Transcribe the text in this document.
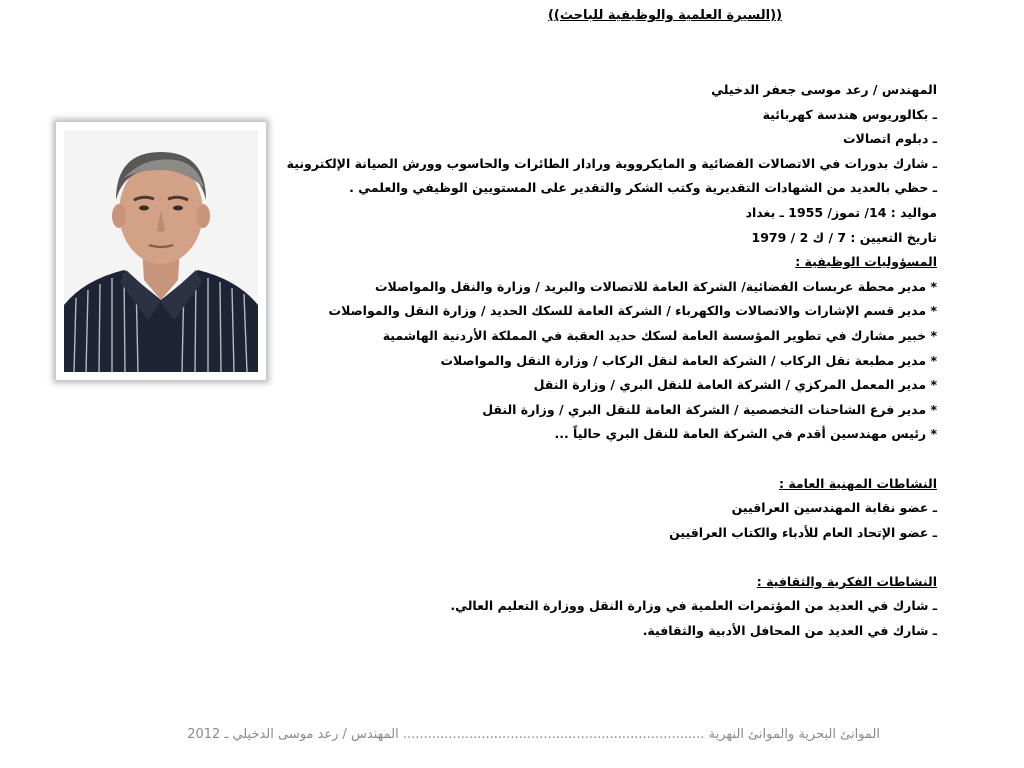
((السيرة العلمية والوظيفية للباحث))
المهندس / رعد موسى جعفر الدخيلي
ـ بكالوريوس هندسة كهربائية
ـ دبلوم اتصالات
ـ شارك بدورات في الاتصالات الفضائية و المايكرووية ورادار الطائرات والحاسوب وورش الصيانة الإلكترونية
ـ حظي بالعديد من الشهادات التقديرية وكتب الشكر والتقدير على المستويين الوظيفي والعلمي .
مواليد : 14/ تموز/ 1955 ـ بغداد
تاريخ التعيين : 7 / ك 2 / 1979
المسؤوليات الوظيفية :
* مدير محطة عربسات الفضائية/ الشركة العامة للاتصالات والبريد / وزارة والنقل والمواصلات
* مدير قسم الإشارات والاتصالات والكهرباء / الشركة العامة للسكك الحديد / وزارة النقل والمواصلات
* خبير مشارك في تطوير المؤسسة العامة لسكك حديد العقبة في المملكة الأردنية الهاشمية
* مدير مطبعة نقل الركاب / الشركة العامة لنقل الركاب / وزارة النقل والمواصلات
* مدير المعمل المركزي / الشركة العامة للنقل البري / وزارة النقل
* مدير فرع الشاحنات التخصصية / الشركة العامة للنقل البري / وزارة النقل
* رئيس مهندسين أقدم في الشركة العامة للنقل البري حالياً ...
النشاطات المهنية العامة :
ـ عضو نقابة المهندسين العراقيين
ـ عضو الإتحاد العام للأدباء والكتاب العراقيين
النشاطات الفكرية والثقافية :
ـ شارك في العديد من المؤتمرات العلمية في وزارة النقل ووزارة التعليم العالي.
ـ شارك في العديد من المحافل الأدبية والثقافية.
الموانئ البحرية والموانئ النهرية ......................................................................... المهندس / رعد موسى الدخيلي ـ 2012
